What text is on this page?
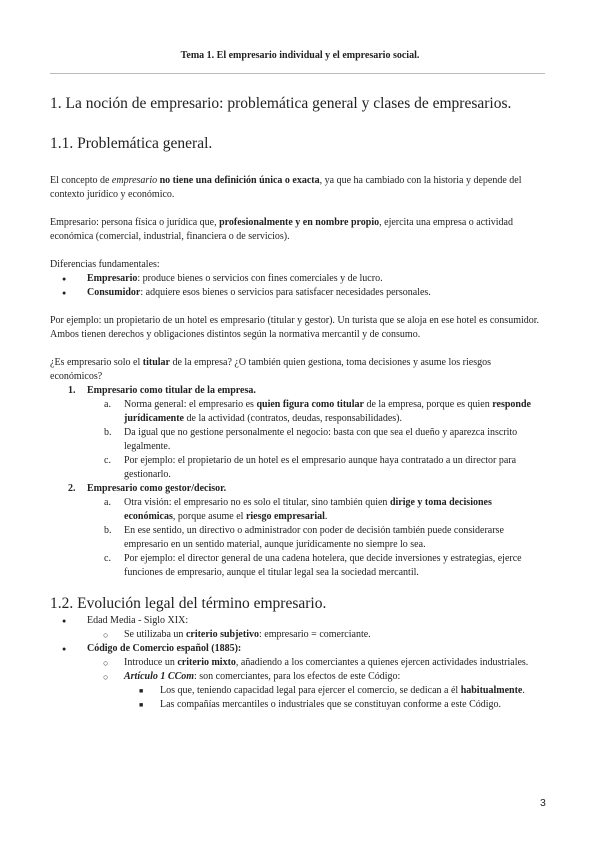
Tema 1. El empresario individual y el empresario social.
1. La noción de empresario: problemática general y clases de empresarios.
1.1. Problemática general.

El concepto de empresario no tiene una definición única o exacta, ya que ha cambiado con la historia y depende del contexto jurídico y económico.

Empresario: persona física o jurídica que, profesionalmente y en nombre propio, ejercita una empresa o actividad económica (comercial, industrial, financiera o de servicios).

Diferencias fundamentales:

● Empresario: produce bienes o servicios con fines comerciales y de lucro.
● Consumidor: adquiere esos bienes o servicios para satisfacer necesidades personales.

Por ejemplo: un propietario de un hotel es empresario (titular y gestor). Un turista que se aloja en ese hotel es consumidor. Ambos tienen derechos y obligaciones distintos según la normativa mercantil y de consumo.

¿Es empresario solo el titular de la empresa? ¿O también quien gestiona, toma decisiones y asume los riesgos económicos?

1. Empresario como titular de la empresa.
a. Norma general: el empresario es quien figura como titular de la empresa, porque es quien responde jurídicamente de la actividad (contratos, deudas, responsabilidades).
b. Da igual que no gestione personalmente el negocio: basta con que sea el dueño y aparezca inscrito legalmente.
c. Por ejemplo: el propietario de un hotel es el empresario aunque haya contratado a un director para gestionarlo.
2. Empresario como gestor/decisor.
a. Otra visión: el empresario no es solo el titular, sino también quien dirige y toma decisiones económicas, porque asume el riesgo empresarial.
b. En ese sentido, un directivo o administrador con poder de decisión también puede considerarse empresario en un sentido material, aunque jurídicamente no siempre lo sea.
c. Por ejemplo: el director general de una cadena hotelera, que decide inversiones y estrategias, ejerce funciones de empresario, aunque el titular legal sea la sociedad mercantil.
1.2. Evolución legal del término empresario.
● Edad Media - Siglo XIX:
○ Se utilizaba un criterio subjetivo: empresario = comerciante.
● Código de Comercio español (1885):
○ Introduce un criterio mixto, añadiendo a los comerciantes a quienes ejercen actividades industriales.
○ Artículo 1 CCom: son comerciantes, para los efectos de este Código:
■ Los que, teniendo capacidad legal para ejercer el comercio, se dedican a él habitualmente.
■ Las compañías mercantiles o industriales que se constituyan conforme a este Código.
3
